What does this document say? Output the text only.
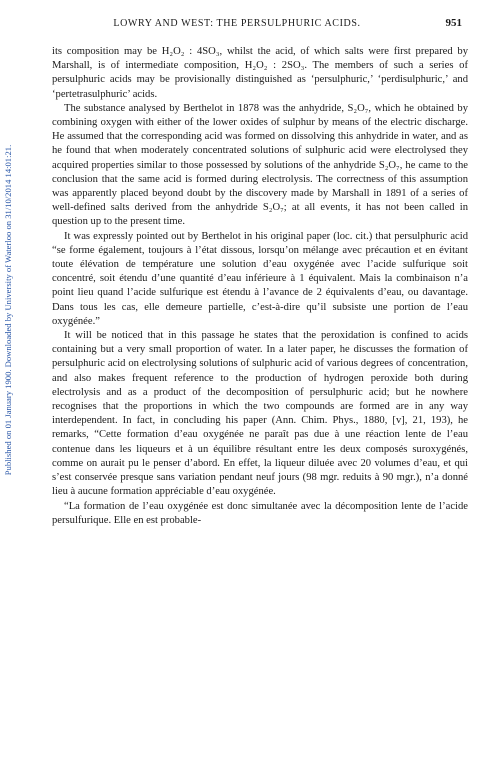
Published on 01 January 1900. Downloaded by University of Waterloo on 31/10/2014 14:01:21.
LOWRY AND WEST: THE PERSULPHURIC ACIDS.	951

its composition may be H₂O₂ : 4SO₃, whilst the acid, of which salts were first prepared by Marshall, is of intermediate composition, H₂O₂ : 2SO₃. The members of such a series of persulphuric acids may be provisionally distinguished as ‘persulphuric,’ ‘perdisulphuric,’ and ‘pertetrasulphuric’ acids.

The substance analysed by Berthelot in 1878 was the anhydride, S₂O₇, which he obtained by combining oxygen with either of the lower oxides of sulphur by means of the electric discharge. He assumed that the corresponding acid was formed on dissolving this anhydride in water, and as he found that when moderately concentrated solutions of sulphuric acid were electrolysed they acquired properties similar to those possessed by solutions of the anhydride S₂O₇, he came to the conclusion that the same acid is formed during electrolysis. The correctness of this assumption was apparently placed beyond doubt by the discovery made by Marshall in 1891 of a series of well-defined salts derived from the anhydride S₂O₇; at all events, it has not been called in question up to the present time.

It was expressly pointed out by Berthelot in his original paper (loc. cit.) that persulphuric acid “se forme également, toujours à l’état dissous, lorsqu’on mélange avec précaution et en évitant toute élévation de température une solution d’eau oxygénée avec l’acide sulfurique soit concentré, soit étendu d’une quantité d’eau inférieure à 1 équivalent. Mais la combinaison n’a point lieu quand l’acide sulfurique est étendu à l’avance de 2 équivalents d’eau, ou davantage. Dans tous les cas, elle demeure partielle, c’est-à-dire qu’il subsiste une portion de l’eau oxygénée.”

It will be noticed that in this passage he states that the peroxidation is confined to acids containing but a very small proportion of water. In a later paper, he discusses the formation of persulphuric acid on electrolysing solutions of sulphuric acid of various degrees of concentration, and also makes frequent reference to the production of hydrogen peroxide both during electrolysis and as a product of the decomposition of persulphuric acid; but he nowhere recognises that the proportions in which the two compounds are formed are in any way interdependent. In fact, in concluding his paper (Ann. Chim. Phys., 1880, [v], 21, 193), he remarks, “Cette formation d’eau oxygénée ne paraît pas due à une réaction lente de l’eau contenue dans les liqueurs et à un équilibre résultant entre les deux composés suroxygénés, comme on aurait pu le penser d’abord. En effet, la liqueur diluée avec 20 volumes d’eau, et qui s’est conservée presque sans variation pendant neuf jours (98 mgr. reduits à 90 mgr.), n’a donné lieu à aucune formation appréciable d’eau oxygénée.

“La formation de l’eau oxygénée est donc simultanée avec la décomposition lente de l’acide persulfurique. Elle en est probable-
